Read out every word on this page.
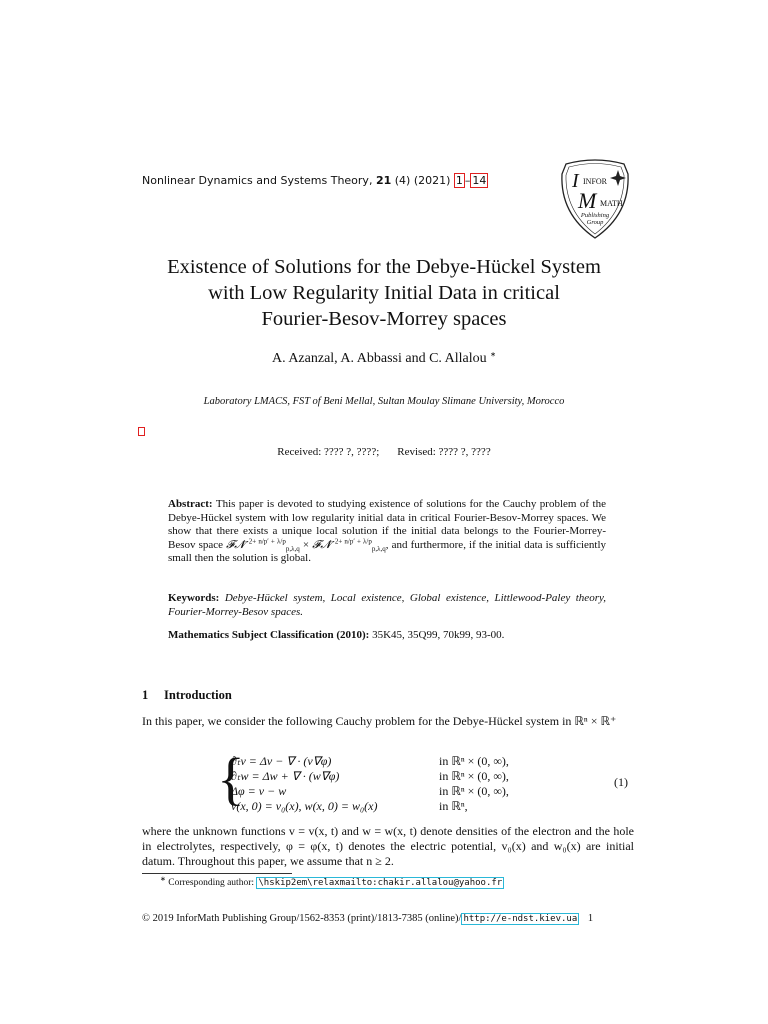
Nonlinear Dynamics and Systems Theory, 21 (4) (2021) 1 – 14	I INFOR
M MATH
Publishing
Group
Existence of Solutions for the Debye-Hückel System
with Low Regularity Initial Data in critical
Fourier-Besov-Morrey spaces
A. Azanzal, A. Abbassi and C. Allalou ∗
Laboratory LMACS, FST of Beni Mellal, Sultan Moulay Slimane University, Morocco
Received: ???? ?, ????; Revised: ???? ?, ????
Abstract: This paper is devoted to studying existence of solutions for the Cauchy problem of the Debye-Hückel system with low regularity initial data in critical Fourier-Besov-Morrey spaces. We show that there exists a unique local solution if the initial data belongs to the Fourier-Morrey-Besov space 𝓕𝓝$^{-2+ n/p' + \lambda/p}_{p,\lambda,q}$ × 𝓕𝓝$^{-2+ n/p' + \lambda/p}_{p,\lambda,q}$, and furthermore, if the initial data is sufficiently small then the solution is global.
Keywords: Debye-Hückel system, Local existence, Global existence, Littlewood-Paley theory, Fourier-Morrey-Besov spaces.
Mathematics Subject Classification (2010): 35K45, 35Q99, 70k99, 93-00.
1 Introduction
In this paper, we consider the following Cauchy problem for the Debye-Hückel system in ℝⁿ × ℝ⁺
{
∂ₜv = Δv − ∇ · (v∇φ)	in ℝⁿ × (0, ∞),
∂ₜw = Δw + ∇ · (w∇φ)	in ℝⁿ × (0, ∞),
Δφ = v − w	in ℝⁿ × (0, ∞),
v(x, 0) = v₀(x), w(x, 0) = w₀(x)	in ℝⁿ,
(1)
where the unknown functions v = v(x, t) and w = w(x, t) denote densities of the electron and the hole in electrolytes, respectively, φ = φ(x, t) denotes the electric potential, v₀(x) and w₀(x) are initial datum. Throughout this paper, we assume that n ≥ 2.
∗ Corresponding author: \hskip2em\relaxmailto:chakir.allalou@yahoo.fr
© 2019 InforMath Publishing Group/1562-8353 (print)/1813-7385 (online)/ http://e-ndst.kiev.ua 1
